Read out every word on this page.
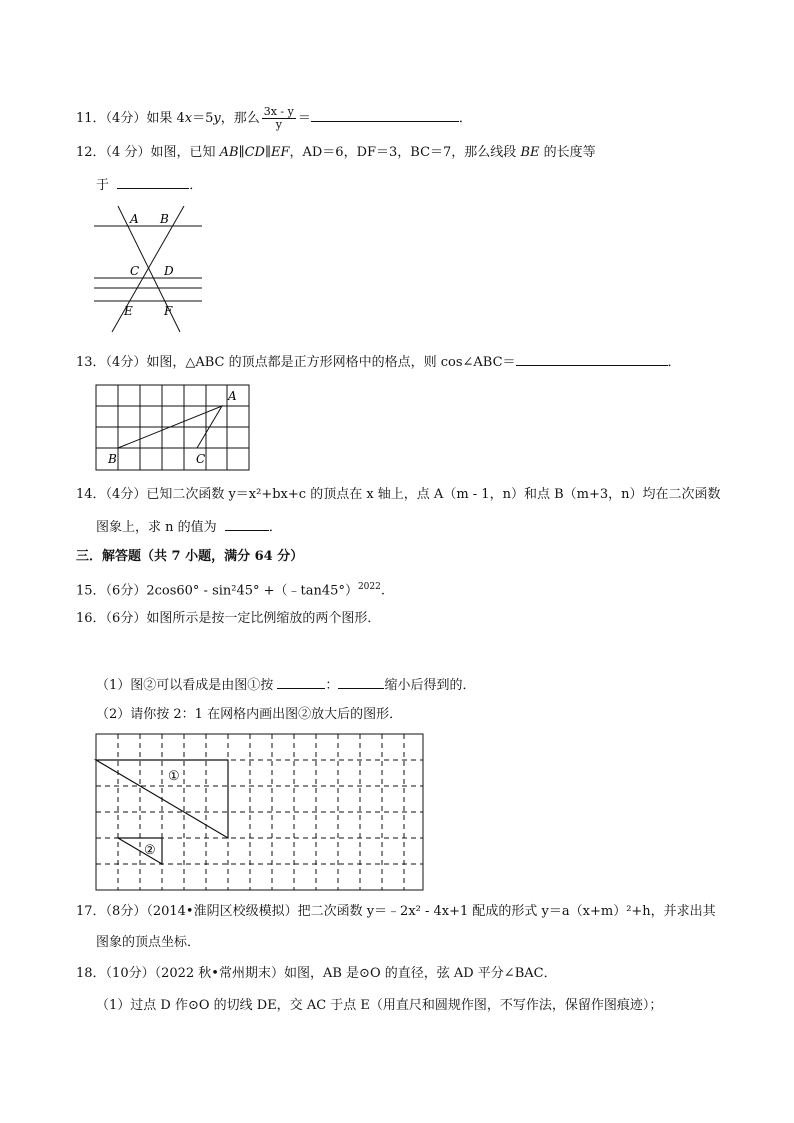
11．（4分）如果 4x＝5y，那么 $\frac{3x - y}{y}$ ＝	．
12．（4 分）如图，已知 AB∥CD∥EF，AD＝6，DF＝3，BC＝7，那么线段 BE 的长度等
于	．
A B
C D
E	F
13．（4分）如图，△ABC 的顶点都是正方形网格中的格点，则 cos∠ABC＝	．
A
B	C
14．（4分）已知二次函数 y＝x²+bx+c 的顶点在 x 轴上，点 A（m - 1，n）和点 B（m+3，n）均在二次函数
图象上，求 n 的值为	．
三．解答题（共 7 小题，满分 64 分）
15．（6分）2cos60° - sin²45° +（﹣tan45°）$^{2022}$.
16．（6分）如图所示是按一定比例缩放的两个图形．
（1）图②可以看成是由图①按	：	缩小后得到的．
（2）请你按 2：1 在网格内画出图②放大后的图形．
①
②
17．（8分）（2014•淮阴区校级模拟）把二次函数 y＝﹣2x² - 4x+1 配成的形式 y＝a（x+m）²+h，并求出其
图象的顶点坐标．
18．（10分）（2022 秋•常州期末）如图，AB 是⊙O 的直径，弦 AD 平分∠BAC．
（1）过点 D 作⊙O 的切线 DE，交 AC 于点 E（用直尺和圆规作图，不写作法，保留作图痕迹）；
